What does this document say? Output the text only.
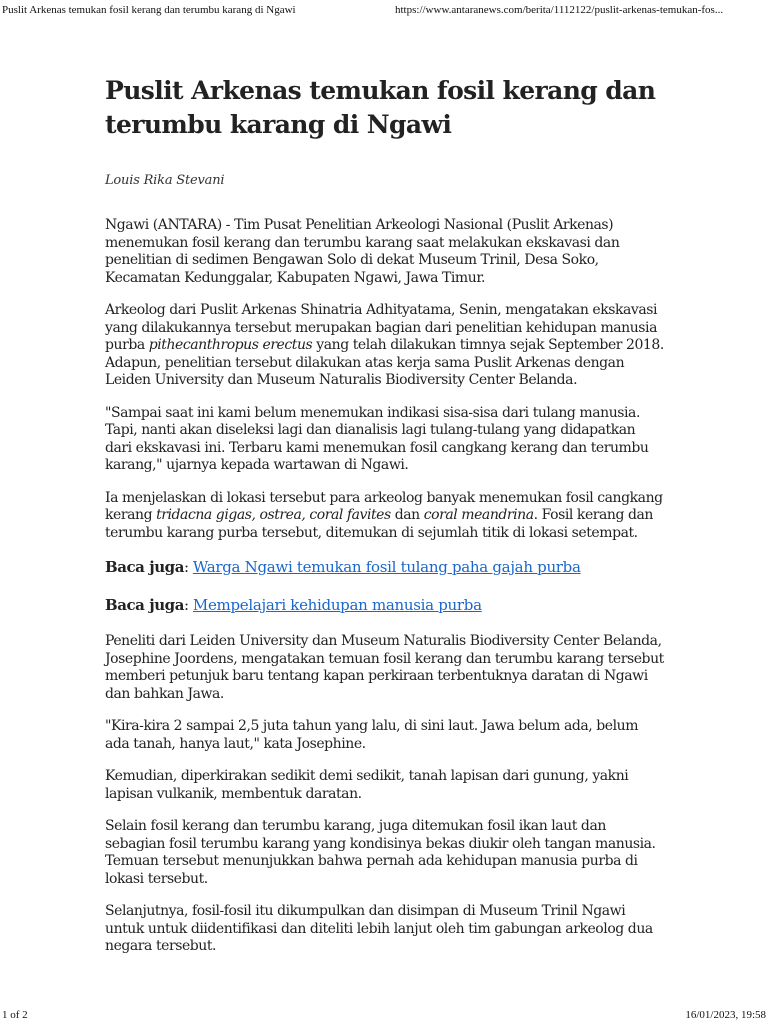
Puslit Arkenas temukan fosil kerang dan terumbu karang di Ngawi	https://www.antaranews.com/berita/1112122/puslit-arkenas-temukan-fos...
Puslit Arkenas temukan fosil kerang dan terumbu karang di Ngawi
Louis Rika Stevani

Ngawi (ANTARA) - Tim Pusat Penelitian Arkeologi Nasional (Puslit Arkenas) menemukan fosil kerang dan terumbu karang saat melakukan ekskavasi dan penelitian di sedimen Bengawan Solo di dekat Museum Trinil, Desa Soko, Kecamatan Kedunggalar, Kabupaten Ngawi, Jawa Timur.

Arkeolog dari Puslit Arkenas Shinatria Adhityatama, Senin, mengatakan ekskavasi yang dilakukannya tersebut merupakan bagian dari penelitian kehidupan manusia purba pithecanthropus erectus yang telah dilakukan timnya sejak September 2018. Adapun, penelitian tersebut dilakukan atas kerja sama Puslit Arkenas dengan Leiden University dan Museum Naturalis Biodiversity Center Belanda.

"Sampai saat ini kami belum menemukan indikasi sisa-sisa dari tulang manusia. Tapi, nanti akan diseleksi lagi dan dianalisis lagi tulang-tulang yang didapatkan dari ekskavasi ini. Terbaru kami menemukan fosil cangkang kerang dan terumbu karang," ujarnya kepada wartawan di Ngawi.

Ia menjelaskan di lokasi tersebut para arkeolog banyak menemukan fosil cangkang kerang tridacna gigas, ostrea, coral favites dan coral meandrina. Fosil kerang dan terumbu karang purba tersebut, ditemukan di sejumlah titik di lokasi setempat.

Baca juga: Warga Ngawi temukan fosil tulang paha gajah purba
Baca juga: Mempelajari kehidupan manusia purba

Peneliti dari Leiden University dan Museum Naturalis Biodiversity Center Belanda, Josephine Joordens, mengatakan temuan fosil kerang dan terumbu karang tersebut memberi petunjuk baru tentang kapan perkiraan terbentuknya daratan di Ngawi dan bahkan Jawa.

"Kira-kira 2 sampai 2,5 juta tahun yang lalu, di sini laut. Jawa belum ada, belum ada tanah, hanya laut," kata Josephine.

Kemudian, diperkirakan sedikit demi sedikit, tanah lapisan dari gunung, yakni lapisan vulkanik, membentuk daratan.

Selain fosil kerang dan terumbu karang, juga ditemukan fosil ikan laut dan sebagian fosil terumbu karang yang kondisinya bekas diukir oleh tangan manusia. Temuan tersebut menunjukkan bahwa pernah ada kehidupan manusia purba di lokasi tersebut.

Selanjutnya, fosil-fosil itu dikumpulkan dan disimpan di Museum Trinil Ngawi untuk untuk diidentifikasi dan diteliti lebih lanjut oleh tim gabungan arkeolog dua negara tersebut.

1 of 2	16/01/2023, 19:58
